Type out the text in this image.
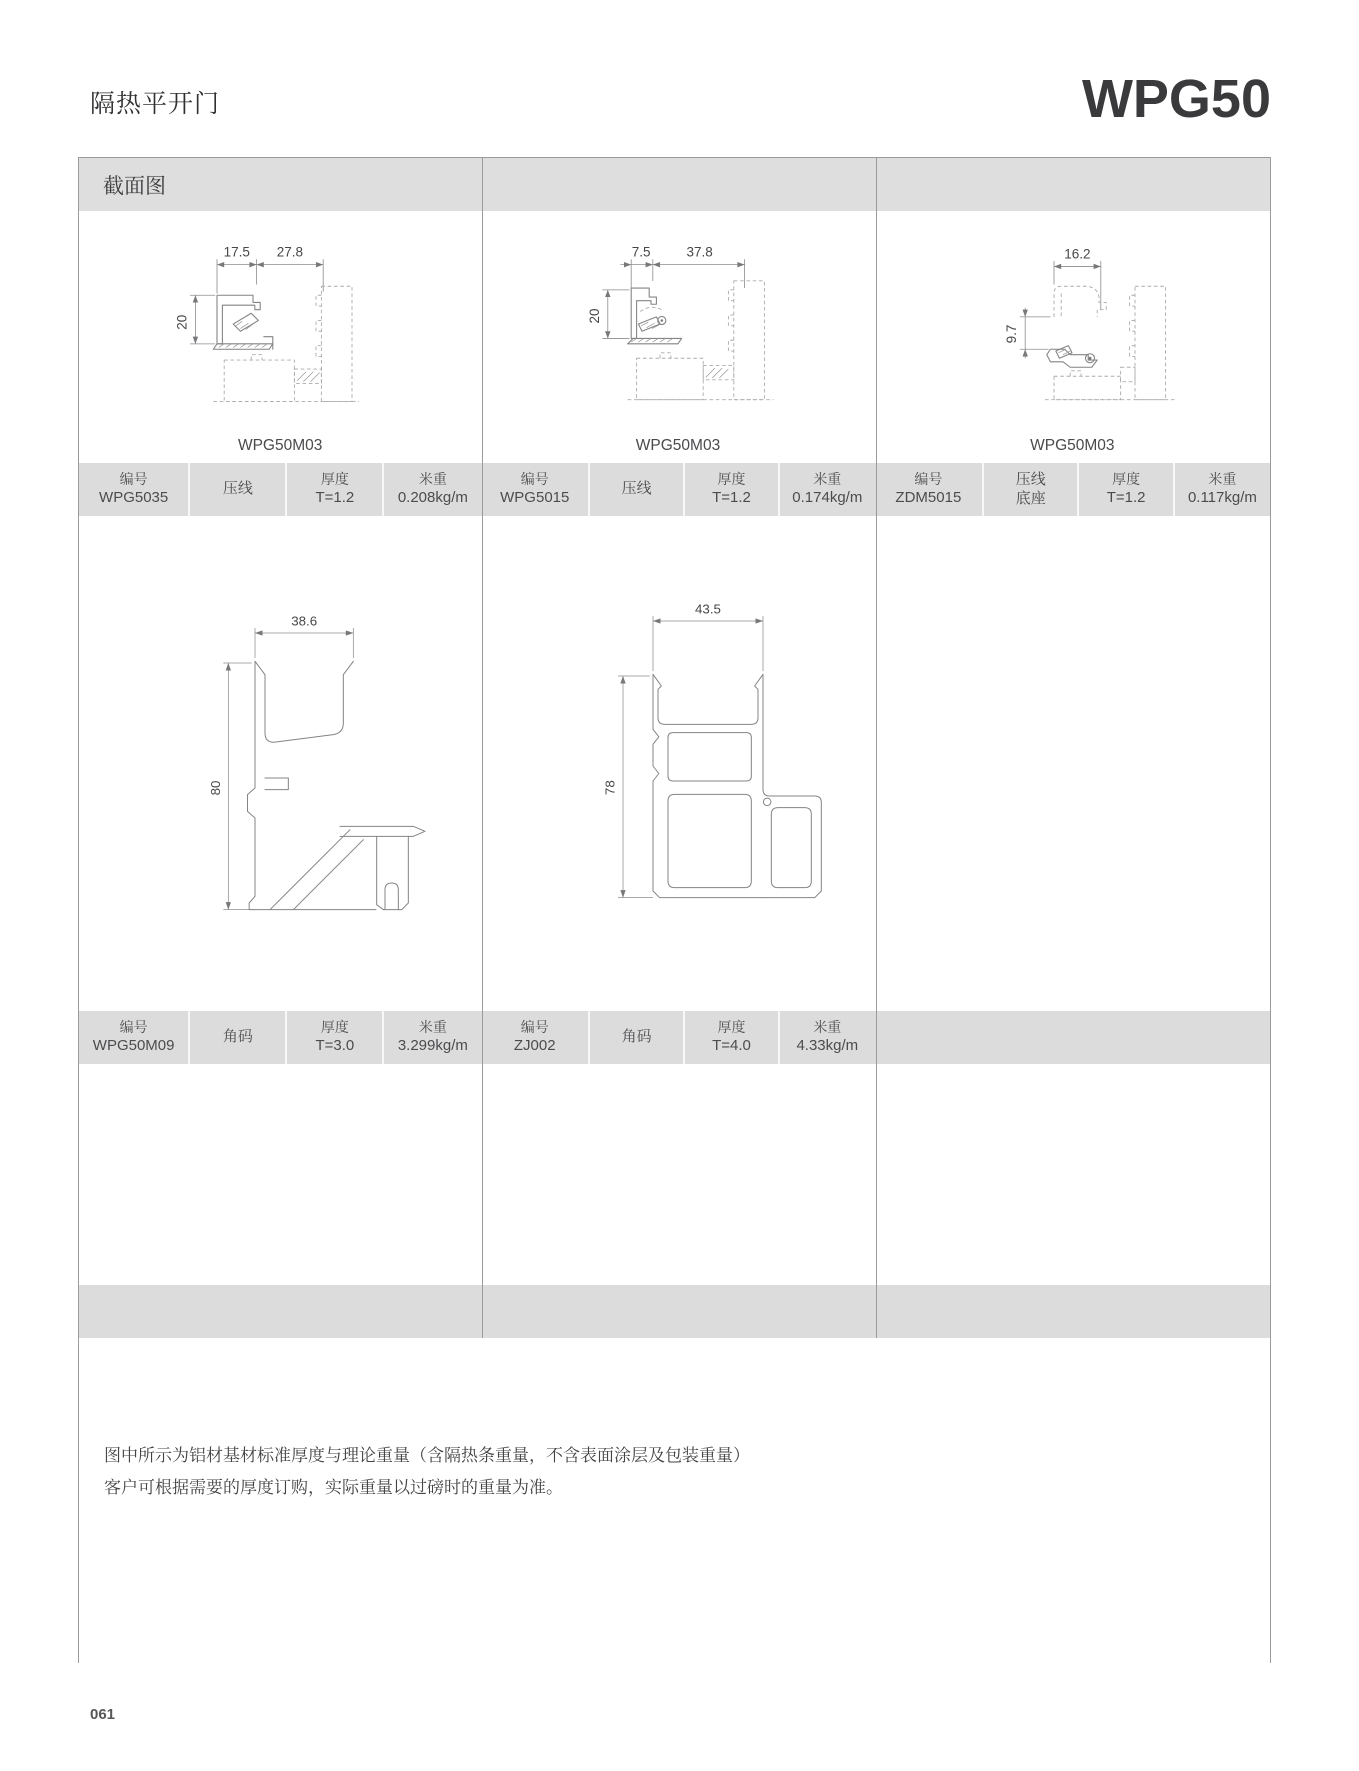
隔热平开门	WPG50
截面图
17.5 27.8
20
WPG50M03
7.5 37.8
20
WPG50M03
16.2
9.7
WPG50M03
编号
WPG5035
压线
厚度
T=1.2
米重
0.208kg/m
编号
WPG5015
压线
厚度
T=1.2
米重
0.174kg/m
编号
ZDM5015
压线
底座
厚度
T=1.2
米重
0.117kg/m
38.6
80
43.5
78
编号
WPG50M09
角码
厚度
T=3.0
米重
3.299kg/m
编号
ZJ002
角码
厚度
T=4.0
米重
4.33kg/m
图中所示为铝材基材标准厚度与理论重量（含隔热条重量，不含表面涂层及包装重量）
客户可根据需要的厚度订购，实际重量以过磅时的重量为准。
061
